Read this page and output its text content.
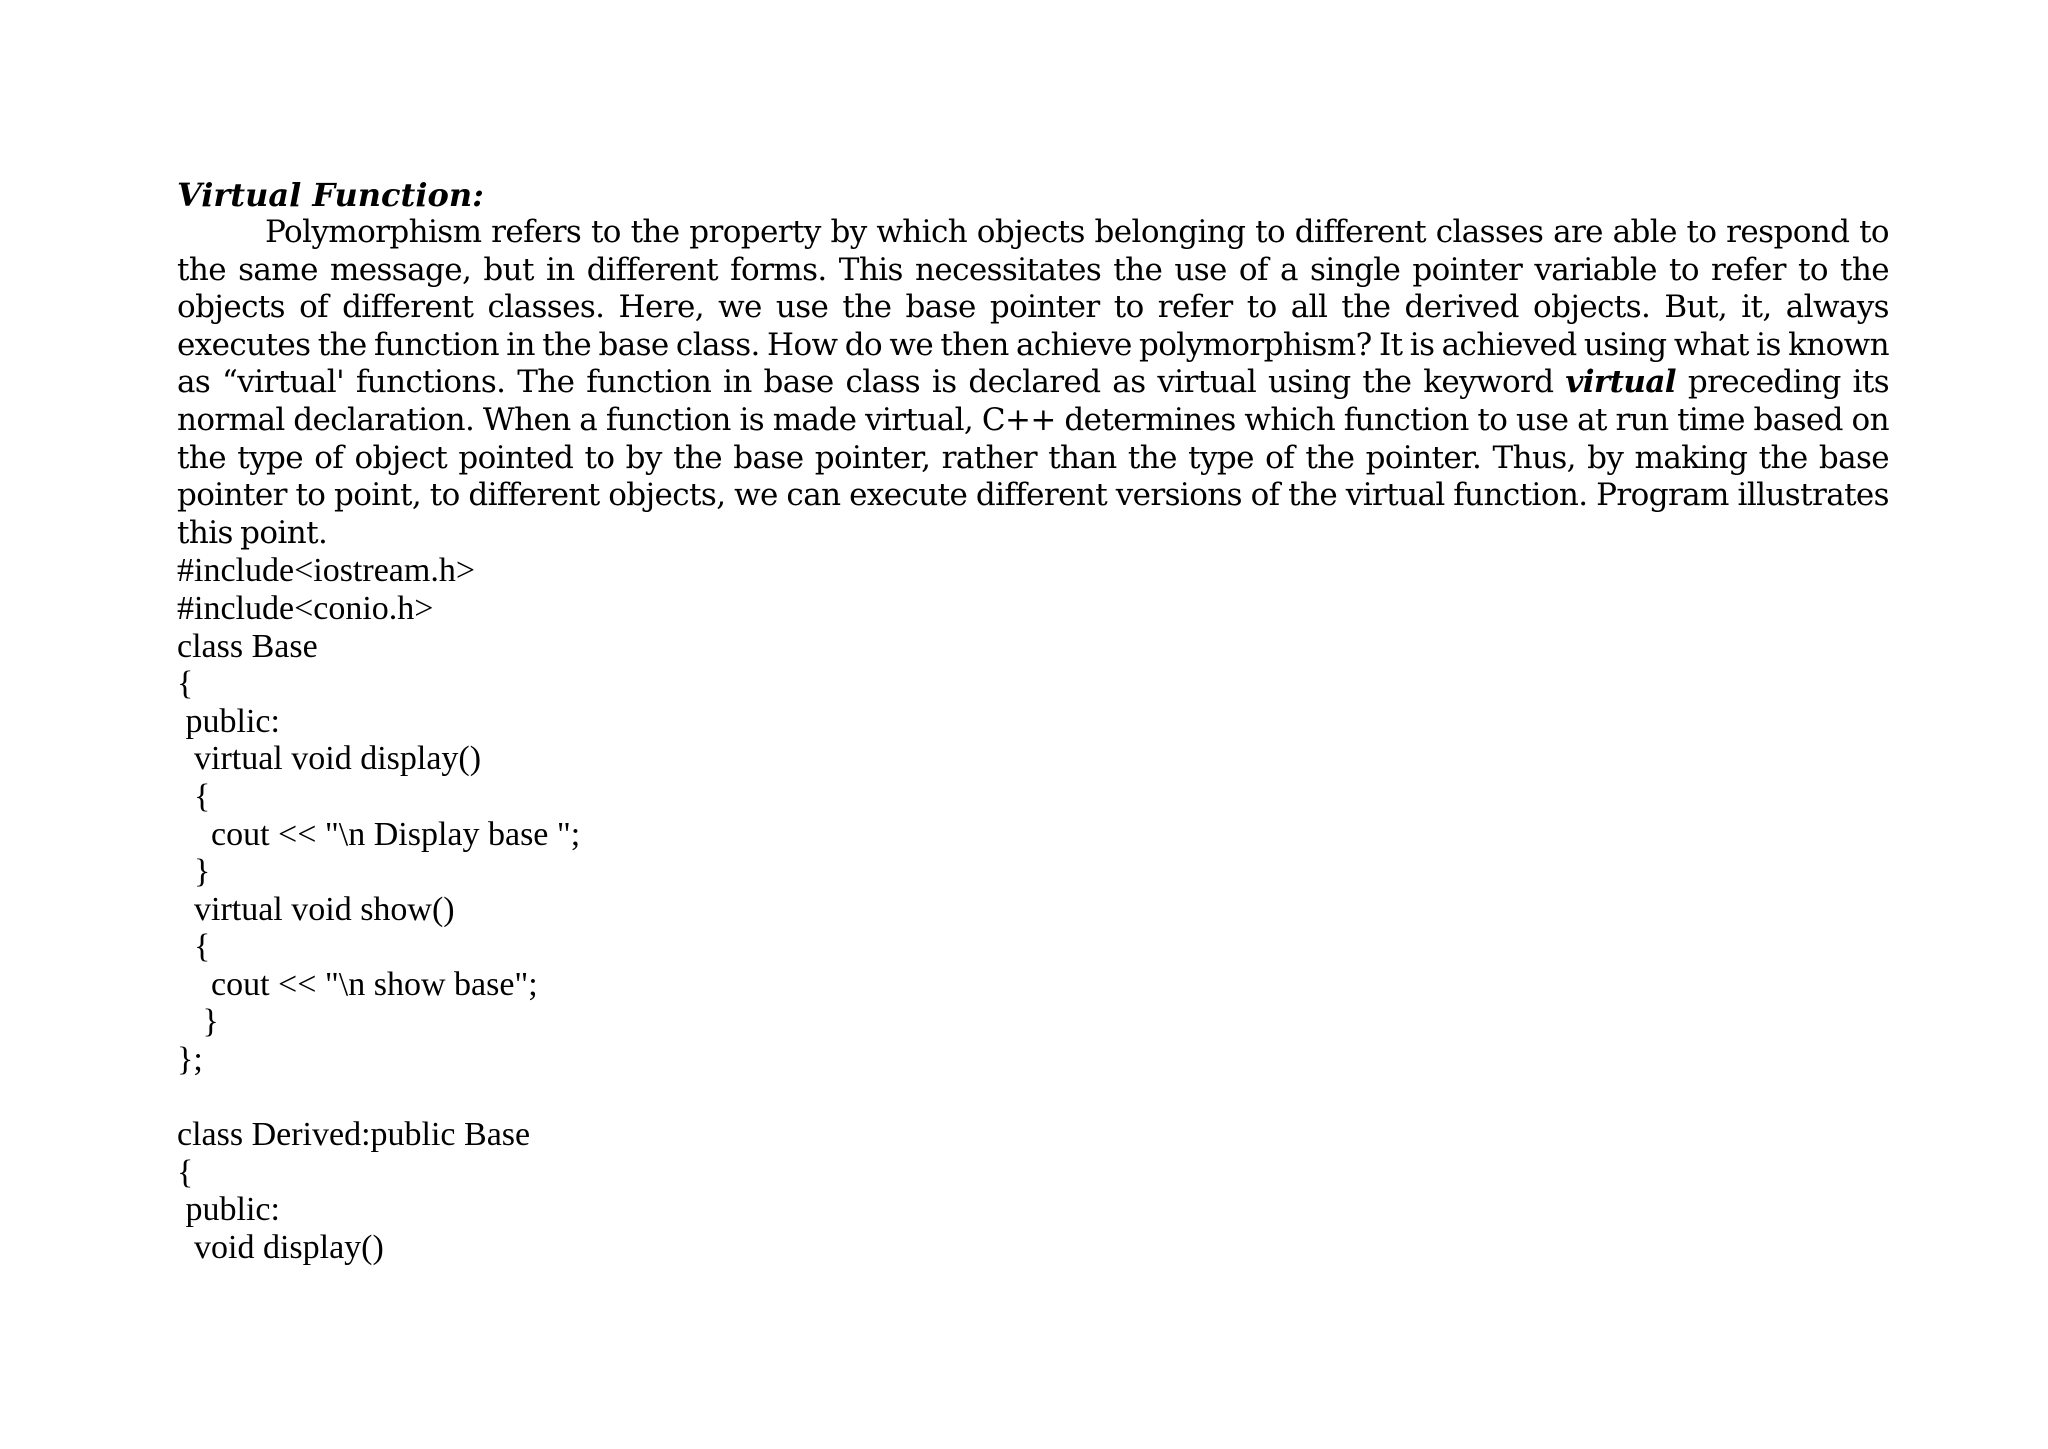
Virtual Function:

Polymorphism refers to the property by which objects belonging to different classes are able to respond to the same message, but in different forms. This necessitates the use of a single pointer variable to refer to the objects of different classes. Here, we use the base pointer to refer to all the derived objects. But, it, always executes the function in the base class. How do we then achieve polymorphism? It is achieved using what is known as “virtual' functions. The function in base class is declared as virtual using the keyword virtual preceding its normal declaration. When a function is made virtual, C++ determines which function to use at run time based on the type of object pointed to by the base pointer, rather than the type of the pointer. Thus, by making the base pointer to point, to different objects, we can execute different versions of the virtual function. Program illustrates this point.

#include<iostream.h>
#include<conio.h>
class Base
{
public:
virtual void display()
{
cout << "\n Display base ";
}
virtual void show()
{
cout << "\n show base";
}
};
class Derived:public Base
{
public:
void display()
